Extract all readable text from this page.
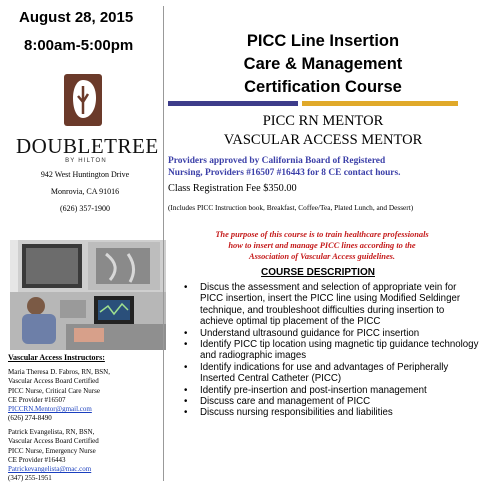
August 28, 2015
8:00am-5:00pm
DOUBLETREE
BY HILTON
942 West Huntington Drive
Monrovia, CA 91016
(626) 357-1900
Vascular Access Instructors:
Maria Theresa D. Fabros, RN, BSN,
Vascular Access Board Certified
PICC Nurse, Critical Care Nurse
CE Provider #16507
PICCRN.Mentor@gmail.com
(626) 274-8490
Patrick Evangelista, RN, BSN,
Vascular Access Board Certified
PICC Nurse, Emergency Nurse
CE Provider #16443
Patrickevangelista@mac.com
(347) 255-1951
PICC Line Insertion
Care & Management
Certification Course
PICC RN MENTOR
VASCULAR ACCESS MENTOR
Providers approved by California Board of Registered
Nursing, Providers #16507 #16443 for 8 CE contact hours.
Class Registration Fee $350.00
(Includes PICC Instruction book, Breakfast, Coffee/Tea, Plated Lunch, and Dessert)
The purpose of this course is to train healthcare professionals
how to insert and manage PICC lines according to the
Association of Vascular Access guidelines.
COURSE DESCRIPTION
• Discus the assessment and selection of appropriate vein for PICC insertion, insert the PICC line using Modified Seldinger technique, and troubleshoot difficulties during insertion to achieve optimal tip placement of the PICC
• Understand ultrasound guidance for PICC insertion
• Identify PICC tip location using magnetic tip guidance technology and radiographic images
• Identify indications for use and advantages of Peripherally Inserted Central Catheter (PICC)
• Identify pre-insertion and post-insertion management
• Discuss care and management of PICC
• Discuss nursing responsibilities and liabilities
